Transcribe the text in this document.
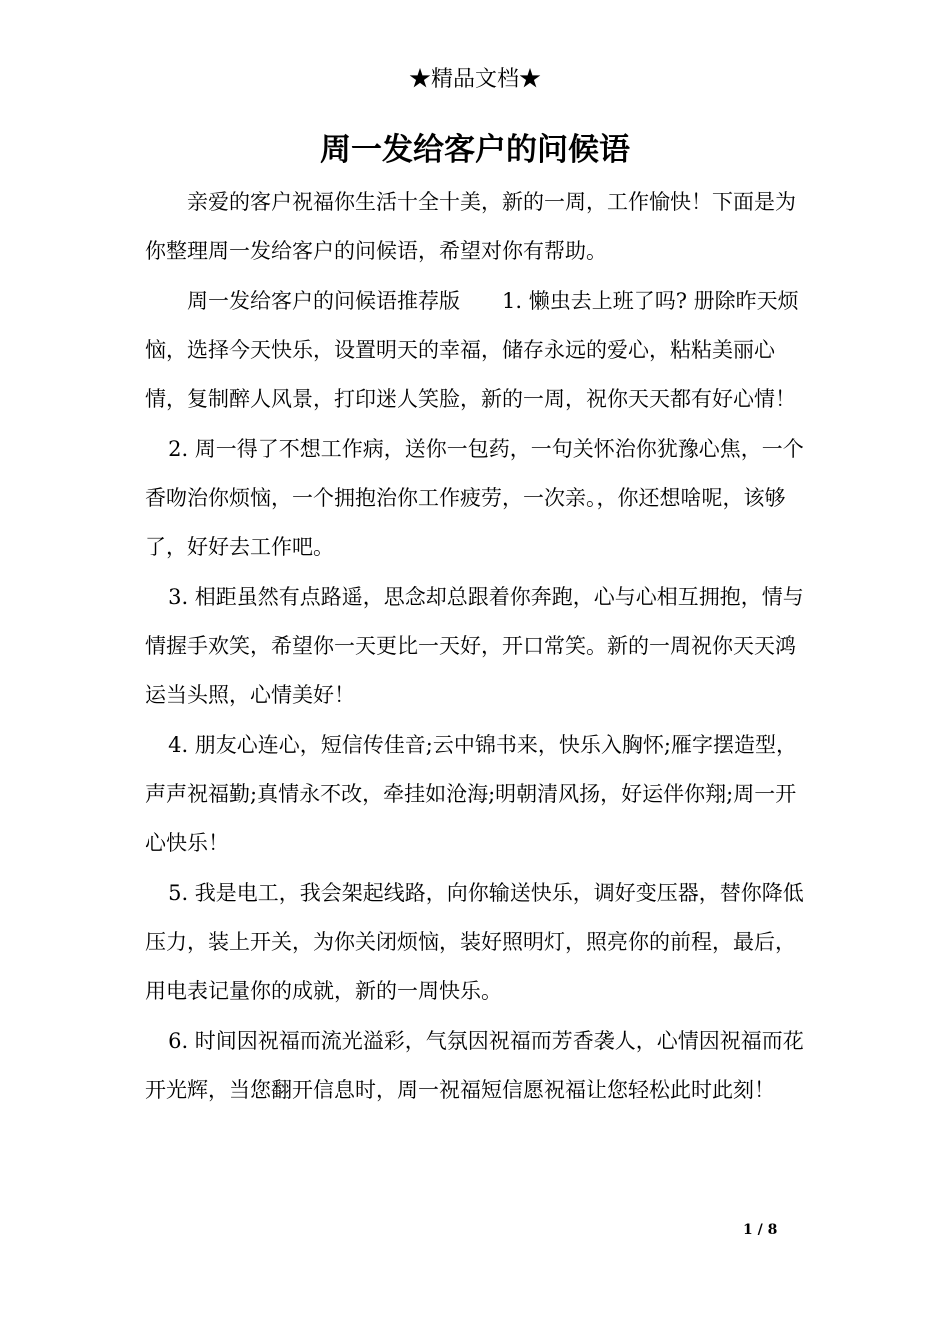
★精品文档★
周一发给客户的问候语

亲爱的客户祝福你生活十全十美，新的一周，工作愉快！下面是为你整理周一发给客户的问候语，希望对你有帮助。

周一发给客户的问候语推荐版　　1. 懒虫去上班了吗? 册除昨天烦恼，选择今天快乐，设置明天的幸福，储存永远的爱心，粘粘美丽心情，复制醉人风景，打印迷人笑脸，新的一周，祝你天天都有好心情！

2. 周一得了不想工作病，送你一包药，一句关怀治你犹豫心焦，一个香吻治你烦恼，一个拥抱治你工作疲劳，一次亲。，你还想啥呢，该够了，好好去工作吧。

3. 相距虽然有点路遥，思念却总跟着你奔跑，心与心相互拥抱，情与情握手欢笑，希望你一天更比一天好，开口常笑。新的一周祝你天天鸿运当头照，心情美好！

4. 朋友心连心，短信传佳音;云中锦书来，快乐入胸怀;雁字摆造型，声声祝福勤;真情永不改，牵挂如沧海;明朝清风扬，好运伴你翔;周一开心快乐！

5. 我是电工，我会架起线路，向你输送快乐，调好变压器，替你降低压力，装上开关，为你关闭烦恼，装好照明灯，照亮你的前程，最后，用电表记量你的成就，新的一周快乐。

6. 时间因祝福而流光溢彩，气氛因祝福而芳香袭人，心情因祝福而花开光辉，当您翻开信息时，周一祝福短信愿祝福让您轻松此时此刻！

1 / 8
